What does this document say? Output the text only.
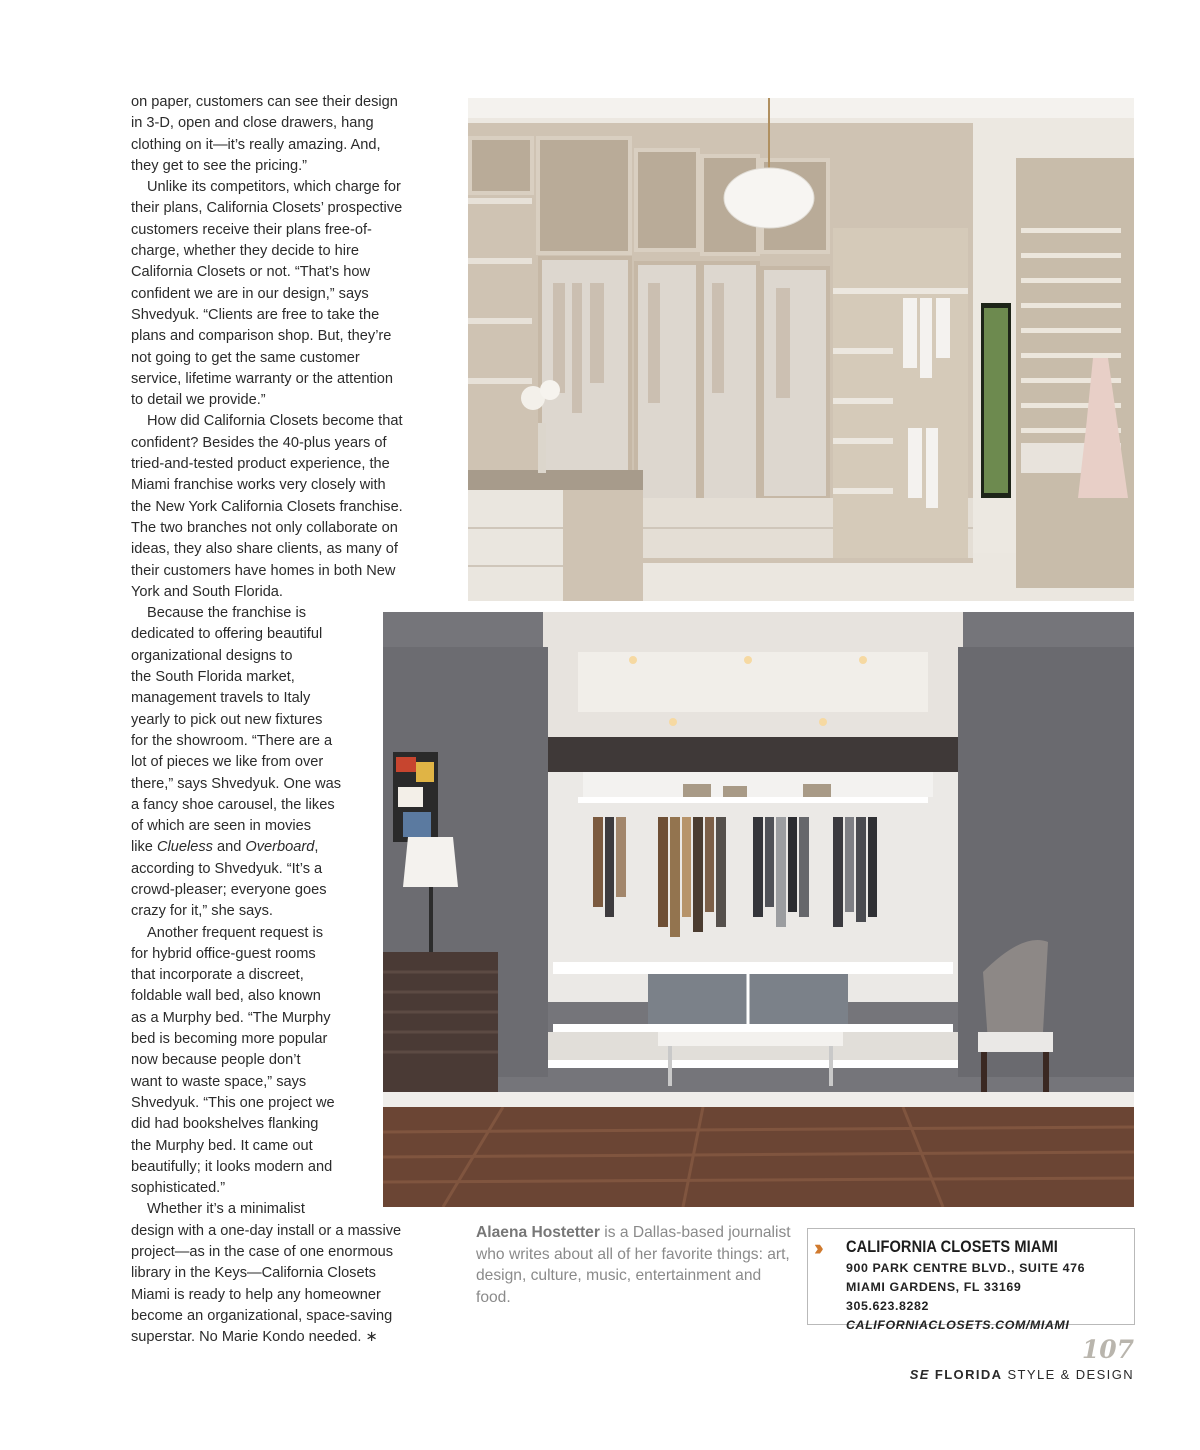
on paper, customers can see their design
in 3-D, open and close drawers, hang
clothing on it—it’s really amazing. And,
they get to see the pricing.”
Unlike its competitors, which charge for
their plans, California Closets’ prospective
customers receive their plans free-of-
charge, whether they decide to hire
California Closets or not. “That’s how
confident we are in our design,” says
Shvedyuk. “Clients are free to take the
plans and comparison shop. But, they’re
not going to get the same customer
service, lifetime warranty or the attention
to detail we provide.”
How did California Closets become that
confident? Besides the 40-plus years of
tried-and-tested product experience, the
Miami franchise works very closely with
the New York California Closets franchise.
The two branches not only collaborate on
ideas, they also share clients, as many of
their customers have homes in both New
York and South Florida.
Because the franchise is
dedicated to offering beautiful
organizational designs to
the South Florida market,
management travels to Italy
yearly to pick out new fixtures
for the showroom. “There are a
lot of pieces we like from over
there,” says Shvedyuk. One was
a fancy shoe carousel, the likes
of which are seen in movies
like Clueless and Overboard,
according to Shvedyuk. “It’s a
crowd-pleaser; everyone goes
crazy for it,” she says.
Another frequent request is
for hybrid office-guest rooms
that incorporate a discreet,
foldable wall bed, also known
as a Murphy bed. “The Murphy
bed is becoming more popular
now because people don’t
want to waste space,” says
Shvedyuk. “This one project we
did had bookshelves flanking
the Murphy bed. It came out
beautifully; it looks modern and
sophisticated.”
Whether it’s a minimalist
design with a one-day install or a massive
project—as in the case of one enormous
library in the Keys—California Closets
Miami is ready to help any homeowner
become an organizational, space-saving
superstar. No Marie Kondo needed. ∗
Alaena Hostetter is a Dallas-based journalist who writes about all of her favorite things: art, design, culture, music, entertainment and food.
›› CALIFORNIA CLOSETS MIAMI
900 PARK CENTRE BLVD., SUITE 476
MIAMI GARDENS, FL 33169
305.623.8282
CALIFORNIACLOSETS.COM/MIAMI
107
SE FLORIDA STYLE & DESIGN
